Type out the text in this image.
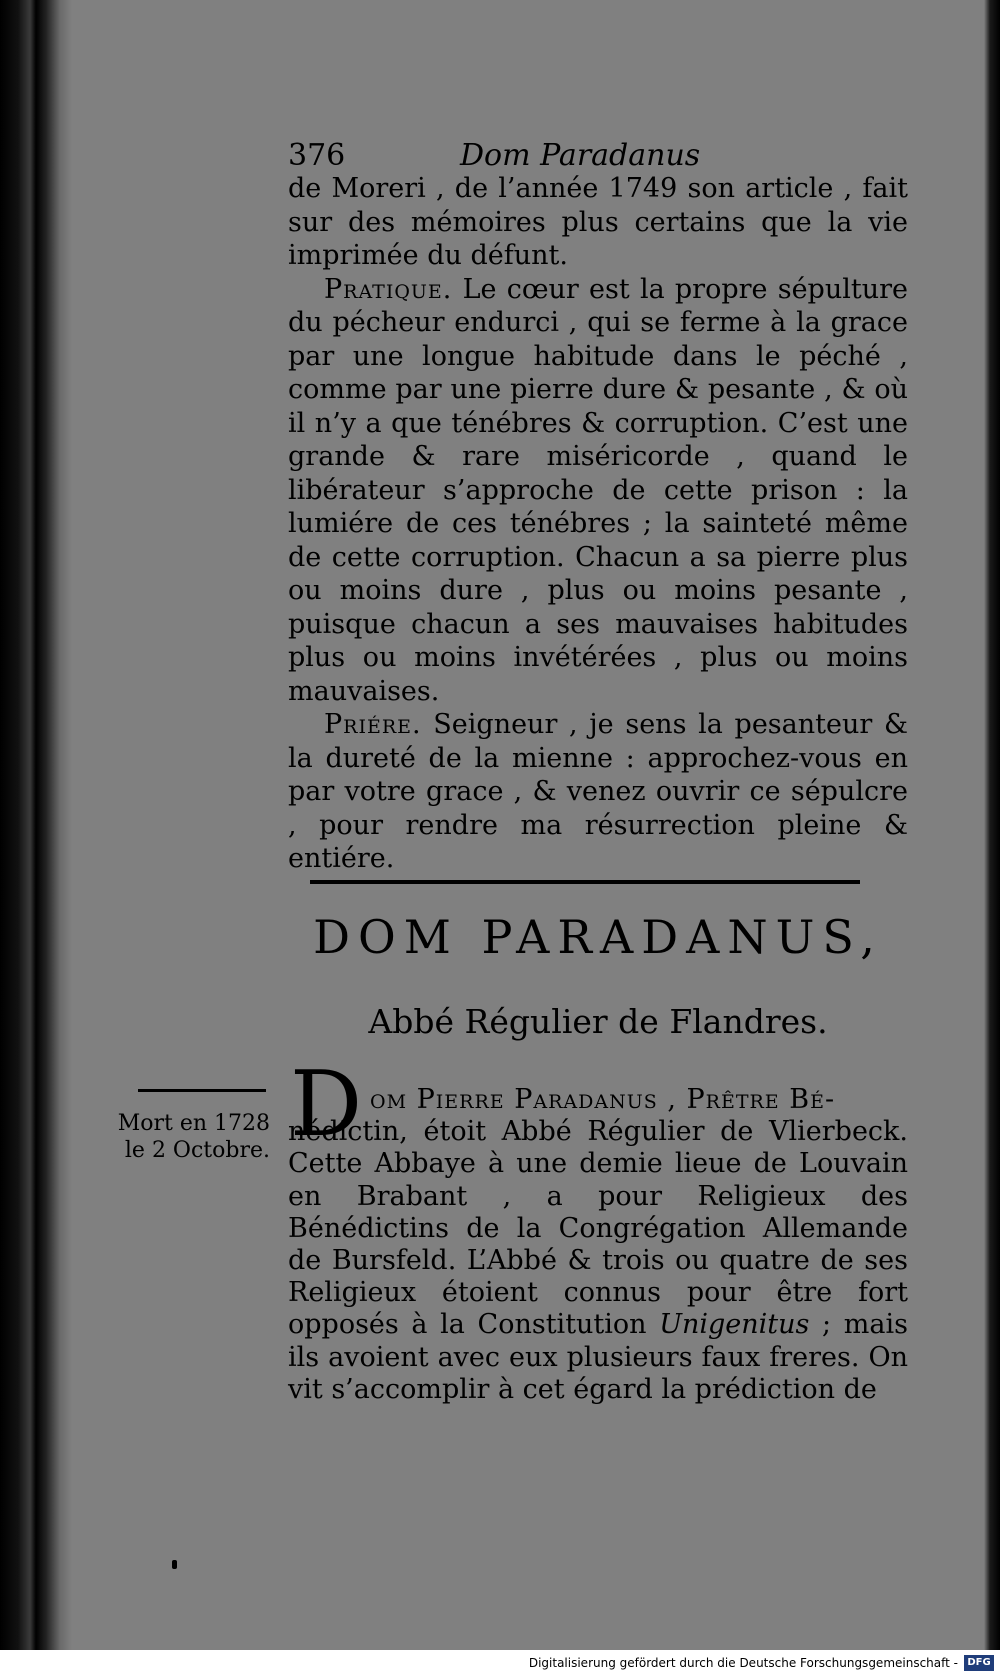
376	Dom Paradanus

de Moreri , de l’année 1749 son article , fait sur des mémoires plus certains que la vie imprimée du défunt.

Pratique. Le cœur est la propre sépulture du pécheur endurci , qui se ferme à la grace par une longue habitude dans le péché , comme par une pierre dure & pesante , & où il n’y a que ténébres & corruption. C’est une grande & rare miséricorde , quand le libérateur s’approche de cette prison : la lumiére de ces ténébres ; la sainteté même de cette corruption. Chacun a sa pierre plus ou moins dure , plus ou moins pesante , puisque chacun a ses mauvaises habitudes plus ou moins invétérées , plus ou moins mauvaises.

Priére. Seigneur , je sens la pesanteur & la dureté de la mienne : approchez-vous en par votre grace , & venez ouvrir ce sépulcre , pour rendre ma résurrection pleine & entiére.

DOM PARADANUS,
Abbé Régulier de Flandres.
Mort en 1728 le 2 Octobre. D om Pierre Paradanus , Prêtre Bé-
nédictin, étoit Abbé Régulier de Vlierbeck. Cette Abbaye à une demie lieue de Louvain en Brabant , a pour Religieux des Bénédictins de la Congrégation Allemande de Bursfeld. L’Abbé & trois ou quatre de ses Religieux étoient connus pour être fort opposés à la Constitution Unigenitus ; mais ils avoient avec eux plusieurs faux freres. On vit s’accomplir à cet égard la prédiction de
Digitalisierung gefördert durch die Deutsche Forschungsgemeinschaft - DFG
